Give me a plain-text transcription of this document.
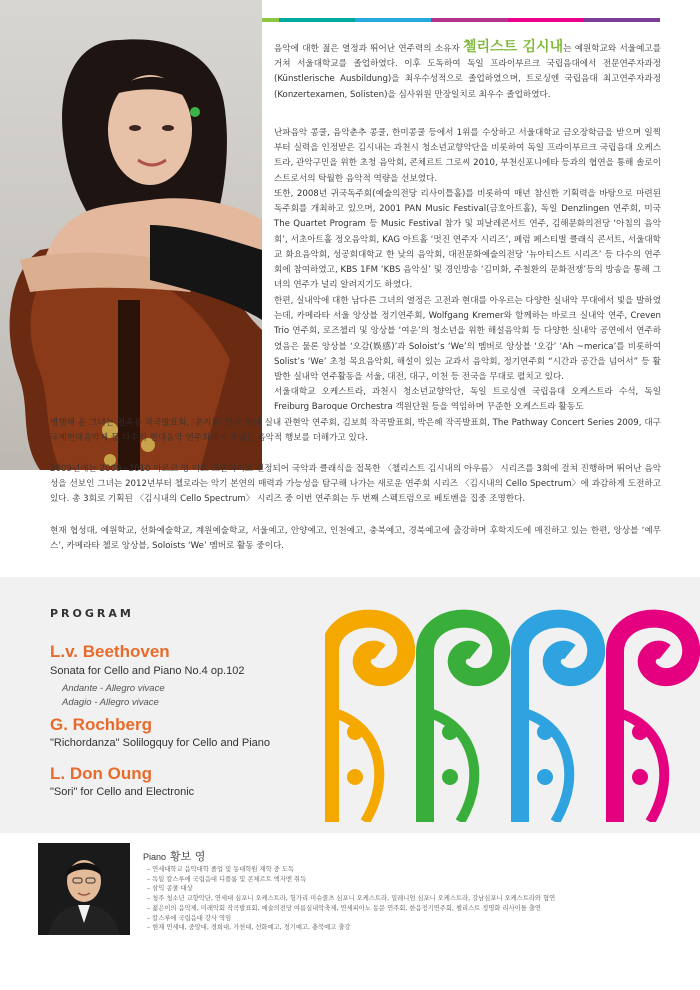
음악에 대한 젊은 열정과 뛰어난 연주력의 소유자 첼리스트 김시내는 예원학교와 서울예고를 거쳐 서울대학교를 졸업하였다. 이후 도독하여 독일 프라이부르크 국립음대에서 전문연주자과정(Künstlerische Ausbildung)을 최우수성적으로 졸업하였으며, 트로싱엔 국립음대 최고연주자과정(Konzertexamen, Solisten)을 심사위원 만장일치로 최우수 졸업하였다.
난파음악 콩쿨, 음악춘추 콩쿨, 한미콩쿨 등에서 1위를 수상하고 서울대학교 금오장학금을 받으며 일찍부터 실력을 인정받은 김시내는 과천시 청소년교향악단을 비롯하여 독일 프라이부르크 국립음대 오케스트라, 관악구민을 위한 초청 음악회, 콘체르트 그로씨 2010, 부천신포니에타 등과의 협연을 통해 솔로이스트로서의 탁월한 음악적 역량을 선보였다.
또한, 2008년 귀국독주회(예술의전당 리사이틀홀)를 비롯하여 매년 참신한 기획력을 바탕으로 마련된 독주회를 개최하고 있으며, 2001 PAN Music Festival(금호아트홀), 독일 Denzlingen 연주회, 미국 The Quartet Program 등 Music Festival 참가 및 피날레콘서트 연주, 김해문화의전당 ‘아침의 음악회’, 서초아트홀 정오음악회, KAG 아트홀 ‘멋진 연주자 시리즈’, 페럼 페스티벌 클래식 콘서트, 서울대학교 화요음악회, 성공회대학교 한 낮의 음악회, 대전문화예술의전당 ‘뉴아티스트 시리즈’ 등 다수의 연주회에 참여하였고, KBS 1FM ‘KBS 음악실’ 및 경인방송 ‘김미화, 주철환의 문화전쟁’등의 방송을 통해 그녀의 연주가 널리 알려지기도 하였다.
한편, 실내악에 대한 남다른 그녀의 열정은 고전과 현대를 아우르는 다양한 실내악 무대에서 빛을 발하였는데, 카메라타 서울 앙상블 정기연주회, Wolfgang Kremer와 함께하는 바로크 실내악 연주, Creven Trio 연주회, 로즈첼리 및 앙상블 ‘여운’의 청소년을 위한 해설음악회 등 다양한 실내악 공연에서 연주하였음은 물론 앙상블 ‘오감(娛感)’과 Soloist’s ‘We’의 멤버로 앙상블 ‘오감’ ‘Ah ~merica’를 비롯하여 Solist’s ‘We’ 초청 목요음악회, 해설이 있는 교과서 음악회, 정기연주회 “시간과 공간을 넘어서” 등 활발한 실내악 연주활동을 서울, 대전, 대구, 이천 등 전국을 무대로 펼치고 있다.
서울대학교 오케스트라, 과천시 청소년교향악단, 독일 트로싱엔 국립음대 오케스트라 수석, 독일 Freiburg Baroque Orchestra 객원단원 등을 역임하며 꾸준한 오케스트라 활동도
병행해 온 그녀는 전옥용 작곡발표회, ‘운지회’ 한국 현대 실내 관현악 연주회, 김보희 작곡발표회, 박은혜 작곡발표회, The Pathway Concert Series 2009, 대구국제현대음악제 등 다수의 현대음악 연주회에서 폭넓은 음악적 행보를 더해가고 있다.
2009년에는 2009~2010 아르코 영 아트 프론티어로 선정되어 국악과 클래식을 접목한 〈첼리스트 김시내의 아우름〉 시리즈를 3회에 걸쳐 진행하며 뛰어난 음악성을 선보인 그녀는 2012년부터 첼로라는 악기 본연의 매력과 가능성을 탐구해 나가는 새로운 연주회 시리즈 〈김시내의 Cello Spectrum〉에 과감하게 도전하고 있다. 총 3회로 기획된 〈김시내의 Cello Spectrum〉 시리즈 중 이번 연주회는 두 번째 스펙트럼으로 베토벤을 집중 조명한다.
현재 협성대, 예원학교, 선화예술학교, 계원예술학교, 서울예고, 안양예고, 인천예고, 충북예고, 경북예고에 출강하며 후학지도에 매진하고 있는 한편, 앙상블 ‘예무스’, 카메라타 첼로 앙상블, Soloists ‘We’ 멤버로 활동 중이다.
PROGRAM
L.v. Beethoven
Sonata for Cello and Piano No.4 op.102
Andante - Allegro vivace
Adagio - Allegro vivace
G. Rochberg
"Richordanza" Solilogquy for Cello and Piano
L. Don Oung
"Sori" for Cello and Electronic
Piano 황보 영
– 연세대학교 음악대학 졸업 및 동대학원 재학 중 도독
– 독일 칼스루에 국립음대 디플롬 및 콘체르트 엑자멘 취득
– 삼익 콩쿨 대상
– 청주 청소년 교향악단, 연세대 심포니 오케스트라, 헝가리 미슈콜츠 심포니 오케스트라, 밀레니엄 심포니 오케스트라, 강남심포니 오케스트라와 협연
– 젊은이의 음악제, 미래악회 작곡발표회, 예술의전당 여름실내악축제, 연세피아노 동문 연주회, 한음정기연주회, 첼리스트 정명화 리사이틀 출연
– 칼스루에 국립음대 강사 역임
– 현재 연세대, 중앙대, 경희대, 가천대, 선화예고, 경기예고, 충북예고 출강
